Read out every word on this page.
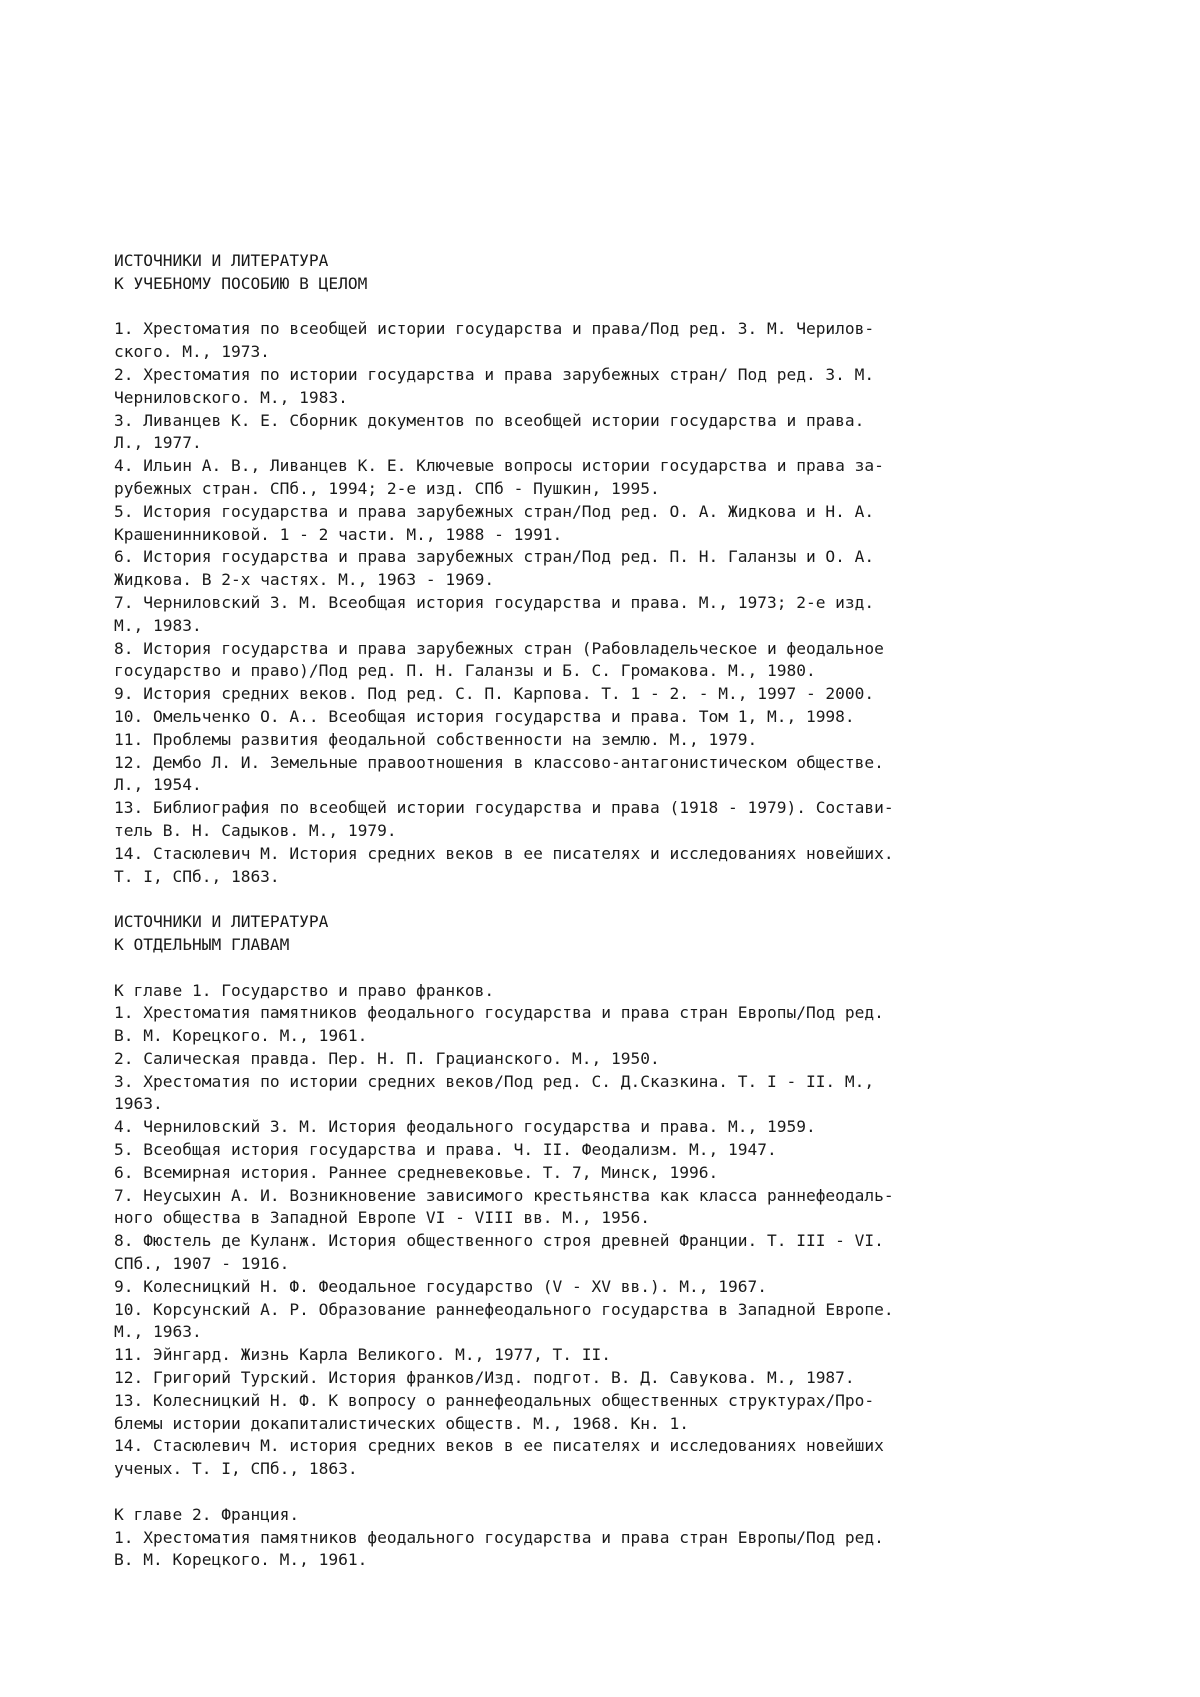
ИСТОЧНИКИ И ЛИТЕРАТУРА
К УЧЕБНОМУ ПОСОБИЮ В ЦЕЛОМ
1. Хрестоматия по всеобщей истории государства и права/Под ред. З. М. Черилов-
ского. М., 1973.
2. Хрестоматия по истории государства и права зарубежных стран/ Под ред. З. М.
Черниловского. М., 1983.
3. Ливанцев К. Е. Сборник документов по всеобщей истории государства и права.
Л., 1977.
4. Ильин А. В., Ливанцев К. Е. Ключевые вопросы истории государства и права за-
рубежных стран. СПб., 1994; 2-е изд. СПб - Пушкин, 1995.
5. История государства и права зарубежных стран/Под ред. О. А. Жидкова и Н. А.
Крашенинниковой. 1 - 2 части. М., 1988 - 1991.
6. История государства и права зарубежных стран/Под ред. П. Н. Галанзы и О. А.
Жидкова. В 2-х частях. М., 1963 - 1969.
7. Черниловский З. М. Всеобщая история государства и права. М., 1973; 2-е изд.
М., 1983.
8. История государства и права зарубежных стран (Рабовладельческое и феодальное
государство и право)/Под ред. П. Н. Галанзы и Б. С. Громакова. М., 1980.
9. История средних веков. Под ред. С. П. Карпова. Т. 1 - 2. - М., 1997 - 2000.
10. Омельченко О. А.. Всеобщая история государства и права. Том 1, М., 1998.
11. Проблемы развития феодальной собственности на землю. М., 1979.
12. Дембо Л. И. Земельные правоотношения в классово-антагонистическом обществе.
Л., 1954.
13. Библиография по всеобщей истории государства и права (1918 - 1979). Состави-
тель В. Н. Садыков. М., 1979.
14. Стасюлевич М. История средних веков в ее писателях и исследованиях новейших.
Т. I, СПб., 1863.
ИСТОЧНИКИ И ЛИТЕРАТУРА
К ОТДЕЛЬНЫМ ГЛАВАМ
К главе 1. Государство и право франков.
1. Хрестоматия памятников феодального государства и права стран Европы/Под ред.
В. М. Корецкого. М., 1961.
2. Салическая правда. Пер. Н. П. Грацианского. М., 1950.
3. Хрестоматия по истории средних веков/Под ред. С. Д.Сказкина. Т. I - II. М.,
1963.
4. Черниловский З. М. История феодального государства и права. М., 1959.
5. Всеобщая история государства и права. Ч. II. Феодализм. М., 1947.
6. Всемирная история. Раннее средневековье. Т. 7, Минск, 1996.
7. Неусыхин А. И. Возникновение зависимого крестьянства как класса раннефеодаль-
ного общества в Западной Европе VI - VIII вв. М., 1956.
8. Фюстель де Куланж. История общественного строя древней Франции. Т. III - VI.
СПб., 1907 - 1916.
9. Колесницкий Н. Ф. Феодальное государство (V - XV вв.). М., 1967.
10. Корсунский А. Р. Образование раннефеодального государства в Западной Европе.
М., 1963.
11. Эйнгард. Жизнь Карла Великого. М., 1977, Т. II.
12. Григорий Турский. История франков/Изд. подгот. В. Д. Савукова. М., 1987.
13. Колесницкий Н. Ф. К вопросу о раннефеодальных общественных структурах/Про-
блемы истории докапиталистических обществ. М., 1968. Кн. 1.
14. Стасюлевич М. история средних веков в ее писателях и исследованиях новейших
ученых. Т. I, СПб., 1863.
К главе 2. Франция.
1. Хрестоматия памятников феодального государства и права стран Европы/Под ред.
В. М. Корецкого. М., 1961.
